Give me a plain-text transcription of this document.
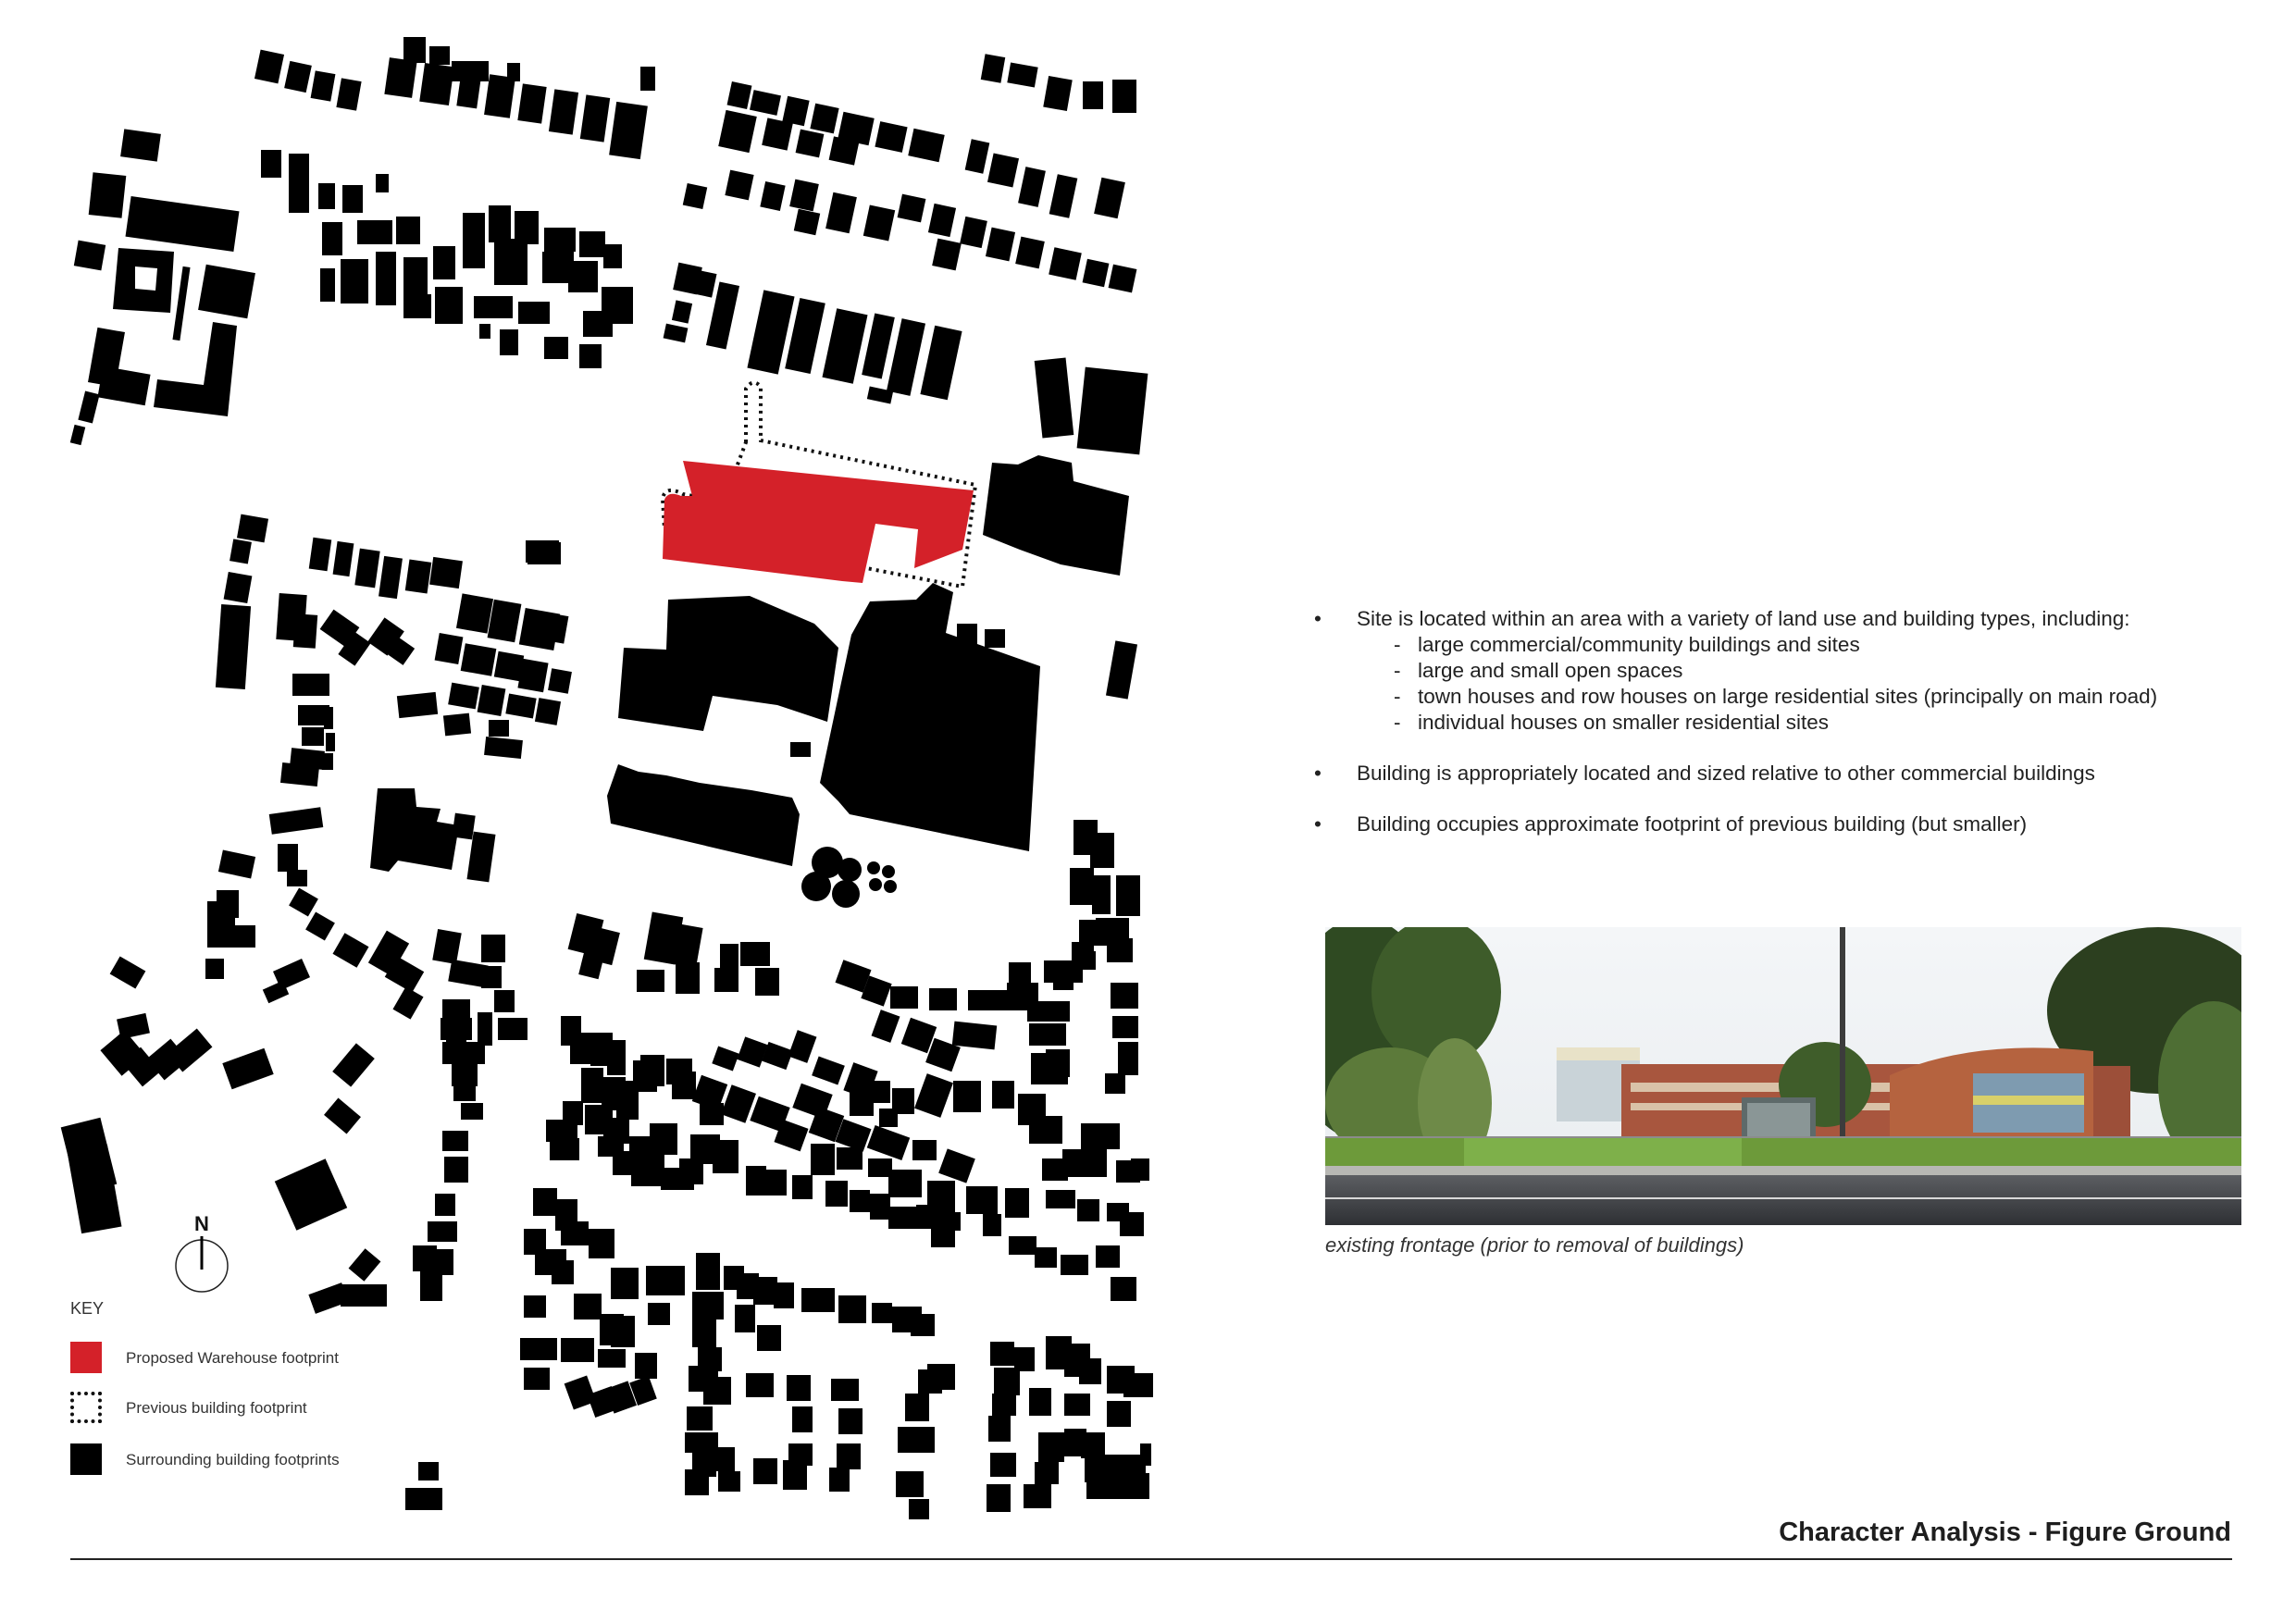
N
KEY
Proposed Warehouse footprint
Previous building footprint
Surrounding building footprints
• Site is located within an area with a variety of land use and building types, including:
- large commercial/community buildings and sites
- large and small open spaces
- town houses and row houses on large residential sites (principally on main road)
- individual houses on smaller residential sites
• Building is appropriately located and sized relative to other commercial buildings
• Building occupies approximate footprint of previous building (but smaller)
existing frontage (prior to removal of buildings)
Character Analysis - Figure Ground
